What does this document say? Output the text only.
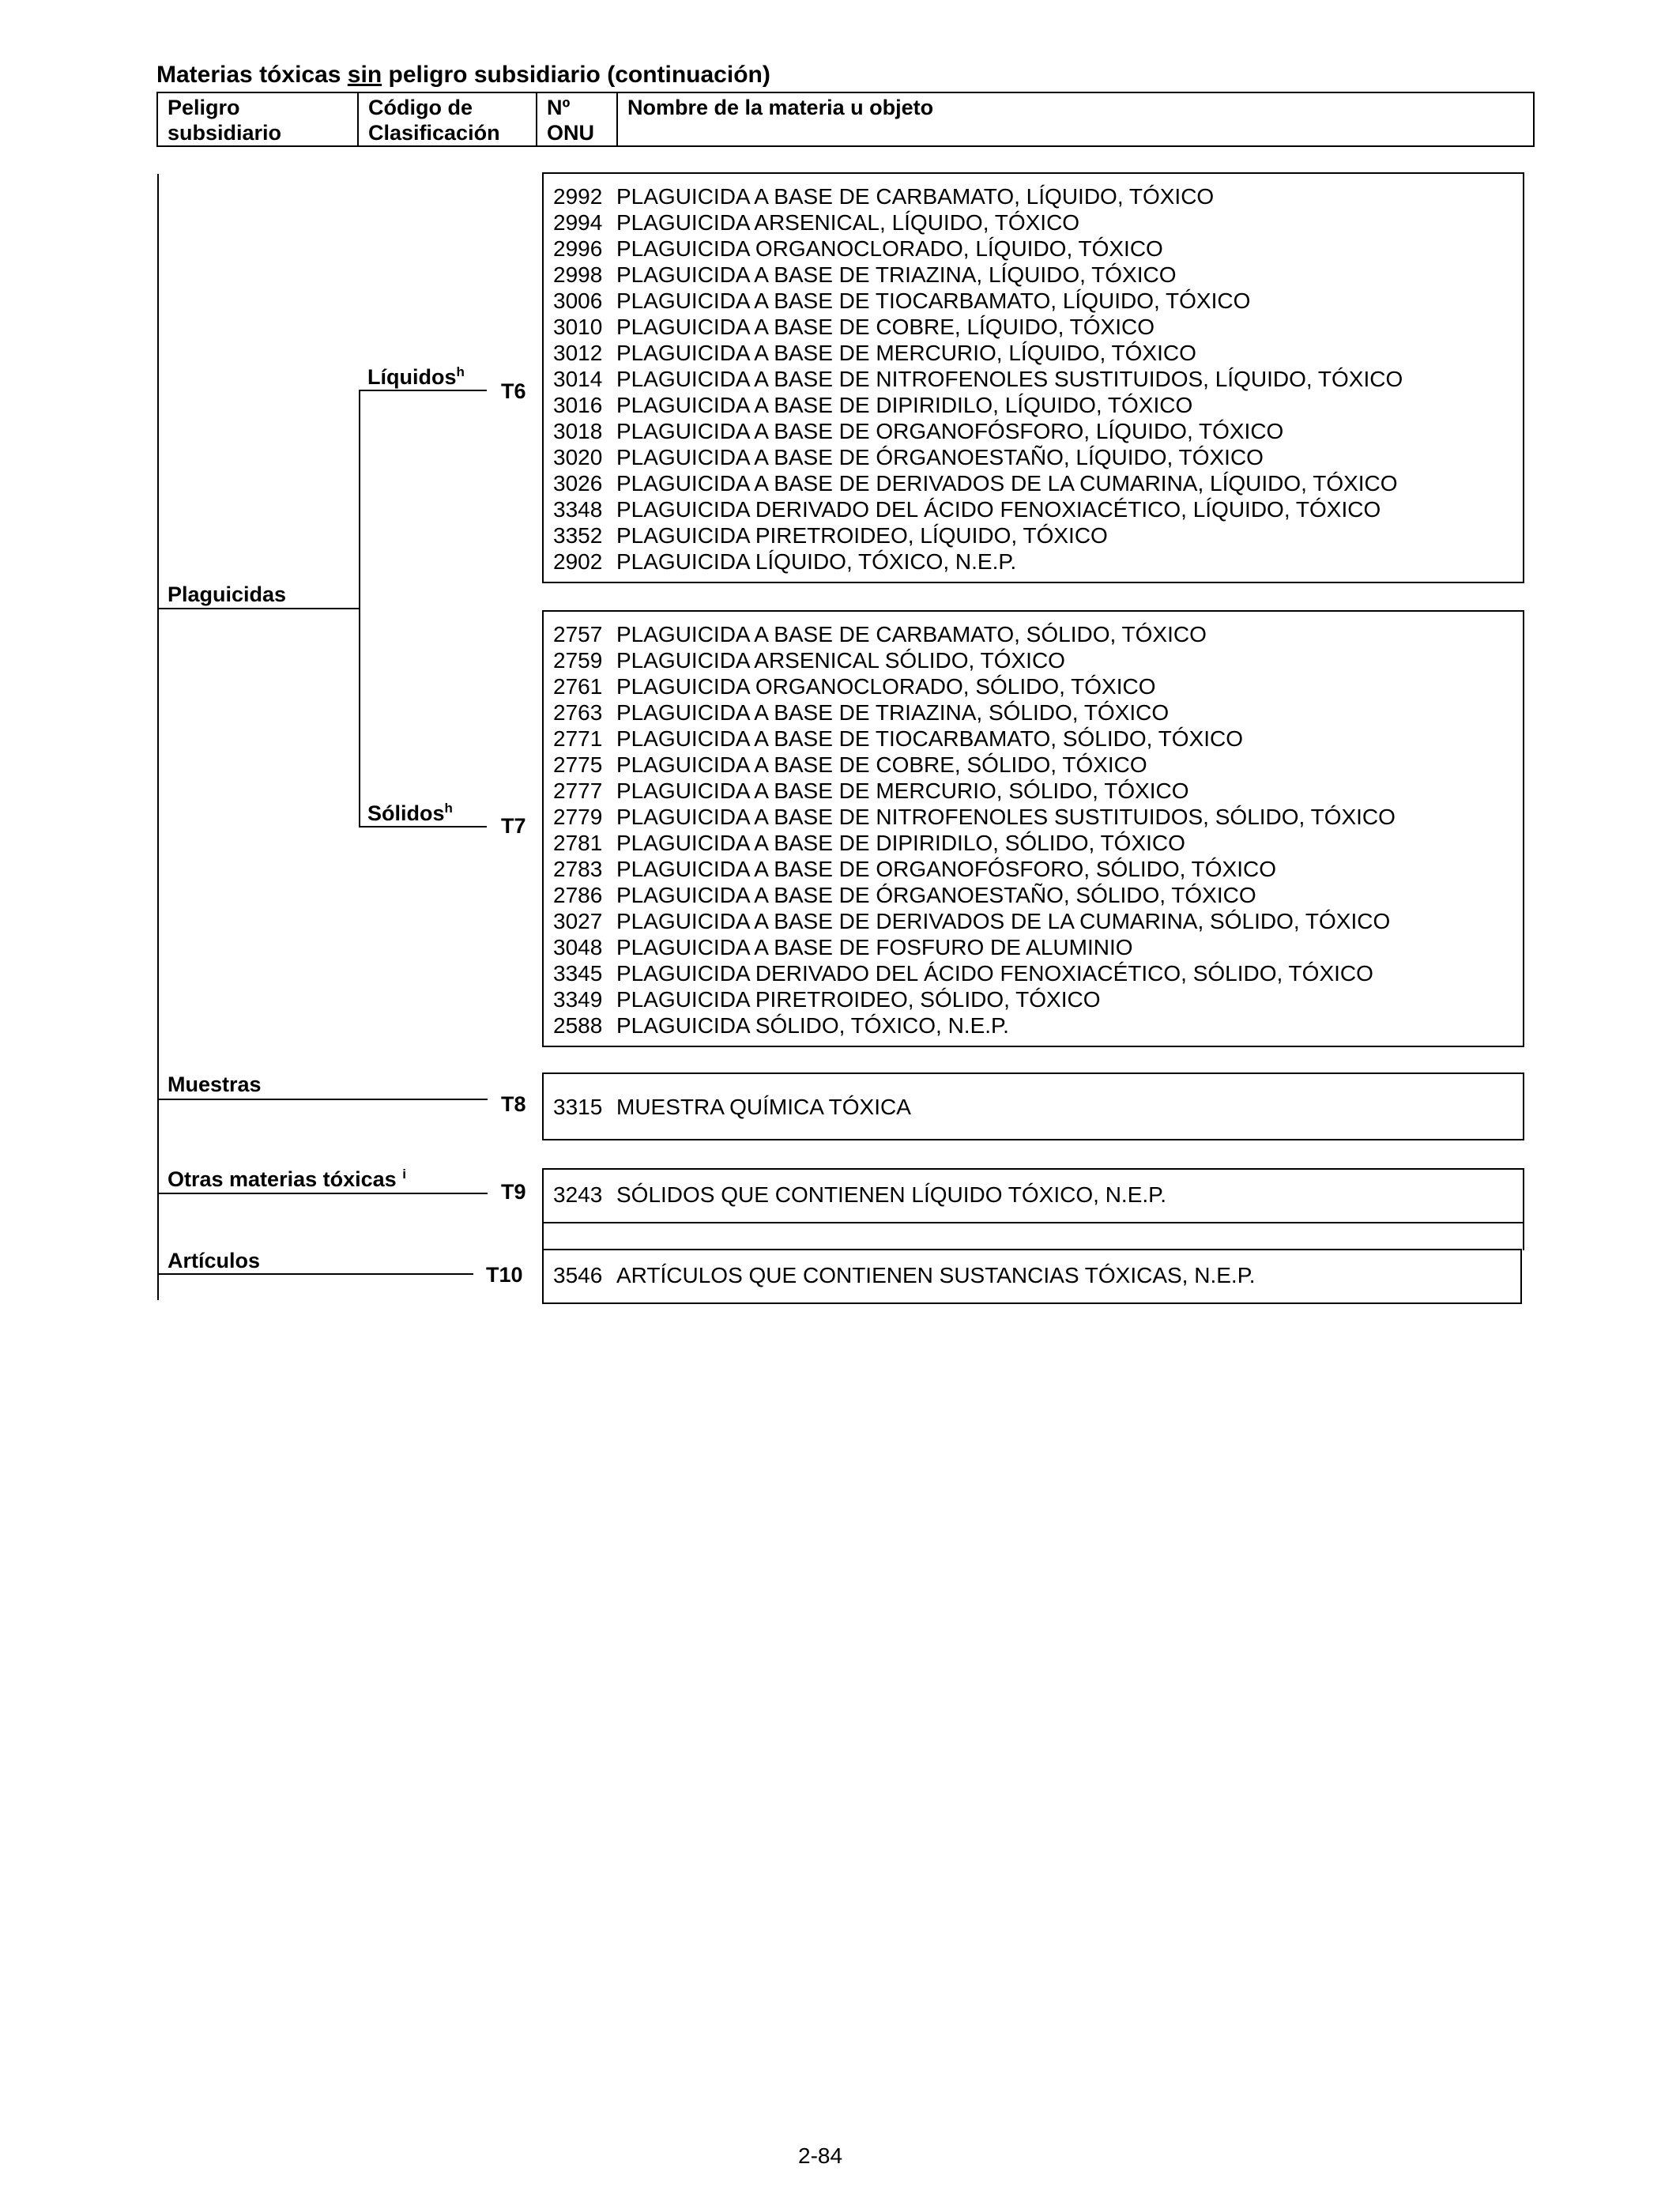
Materias tóxicas sin peligro subsidiario (continuación)
Peligro
subsidiario
Código de
Clasificación
Nº
ONU
Nombre de la materia u objeto
Plaguicidas
Líquidos$^h$
Sólidos$^h$
Muestras
Otras materias tóxicas $^i$
Artículos
T6
T7
T8
T9
T10
2992 PLAGUICIDA A BASE DE CARBAMATO, LÍQUIDO, TÓXICO
2994 PLAGUICIDA ARSENICAL, LÍQUIDO, TÓXICO
2996 PLAGUICIDA ORGANOCLORADO, LÍQUIDO, TÓXICO
2998 PLAGUICIDA A BASE DE TRIAZINA, LÍQUIDO, TÓXICO
3006 PLAGUICIDA A BASE DE TIOCARBAMATO, LÍQUIDO, TÓXICO
3010 PLAGUICIDA A BASE DE COBRE, LÍQUIDO, TÓXICO
3012 PLAGUICIDA A BASE DE MERCURIO, LÍQUIDO, TÓXICO
3014 PLAGUICIDA A BASE DE NITROFENOLES SUSTITUIDOS, LÍQUIDO, TÓXICO
3016 PLAGUICIDA A BASE DE DIPIRIDILO, LÍQUIDO, TÓXICO
3018 PLAGUICIDA A BASE DE ORGANOFÓSFORO, LÍQUIDO, TÓXICO
3020 PLAGUICIDA A BASE DE ÓRGANOESTAÑO, LÍQUIDO, TÓXICO
3026 PLAGUICIDA A BASE DE DERIVADOS DE LA CUMARINA, LÍQUIDO, TÓXICO
3348 PLAGUICIDA DERIVADO DEL ÁCIDO FENOXIACÉTICO, LÍQUIDO, TÓXICO
3352 PLAGUICIDA PIRETROIDEO, LÍQUIDO, TÓXICO
2902 PLAGUICIDA LÍQUIDO, TÓXICO, N.E.P.
2757 PLAGUICIDA A BASE DE CARBAMATO, SÓLIDO, TÓXICO
2759 PLAGUICIDA ARSENICAL SÓLIDO, TÓXICO
2761 PLAGUICIDA ORGANOCLORADO, SÓLIDO, TÓXICO
2763 PLAGUICIDA A BASE DE TRIAZINA, SÓLIDO, TÓXICO
2771 PLAGUICIDA A BASE DE TIOCARBAMATO, SÓLIDO, TÓXICO
2775 PLAGUICIDA A BASE DE COBRE, SÓLIDO, TÓXICO
2777 PLAGUICIDA A BASE DE MERCURIO, SÓLIDO, TÓXICO
2779 PLAGUICIDA A BASE DE NITROFENOLES SUSTITUIDOS, SÓLIDO, TÓXICO
2781 PLAGUICIDA A BASE DE DIPIRIDILO, SÓLIDO, TÓXICO
2783 PLAGUICIDA A BASE DE ORGANOFÓSFORO, SÓLIDO, TÓXICO
2786 PLAGUICIDA A BASE DE ÓRGANOESTAÑO, SÓLIDO, TÓXICO
3027 PLAGUICIDA A BASE DE DERIVADOS DE LA CUMARINA, SÓLIDO, TÓXICO
3048 PLAGUICIDA A BASE DE FOSFURO DE ALUMINIO
3345 PLAGUICIDA DERIVADO DEL ÁCIDO FENOXIACÉTICO, SÓLIDO, TÓXICO
3349 PLAGUICIDA PIRETROIDEO, SÓLIDO, TÓXICO
2588 PLAGUICIDA SÓLIDO, TÓXICO, N.E.P.
3315 MUESTRA QUÍMICA TÓXICA
3243 SÓLIDOS QUE CONTIENEN LÍQUIDO TÓXICO, N.E.P.
3546 ARTÍCULOS QUE CONTIENEN SUSTANCIAS TÓXICAS, N.E.P.
2-84
